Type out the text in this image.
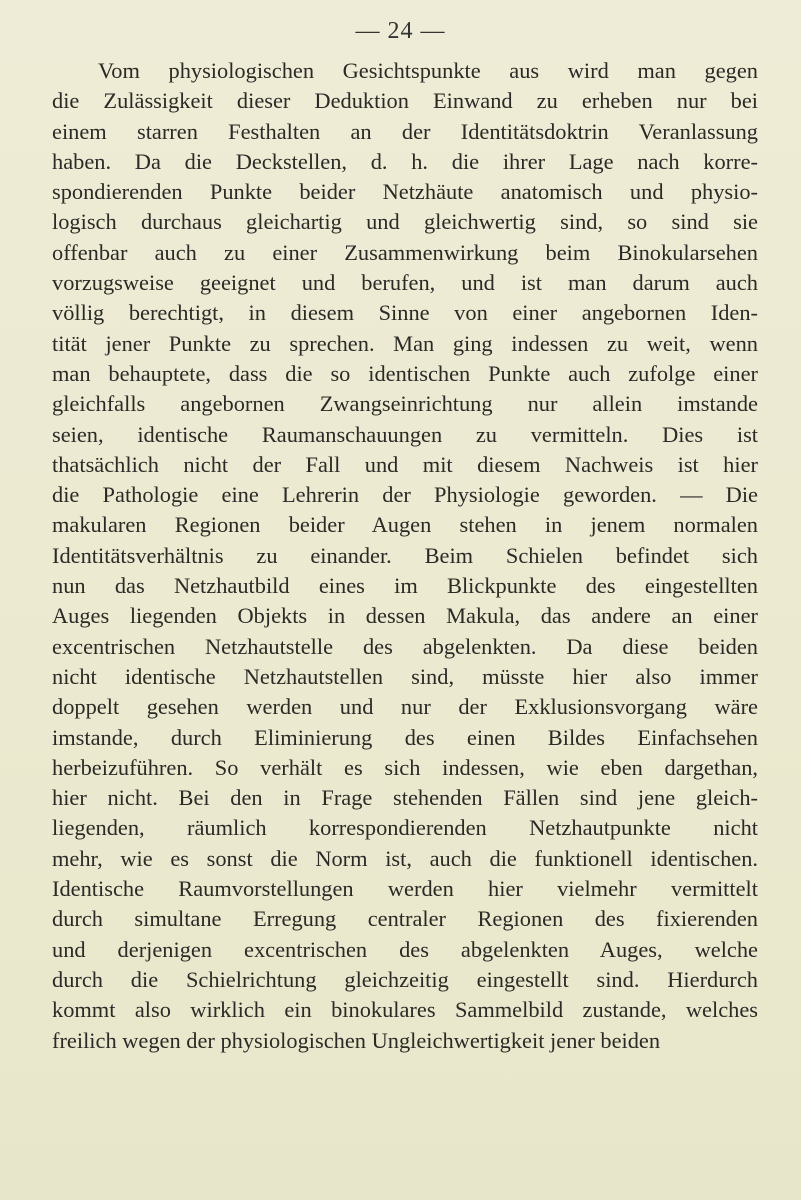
— 24 —
Vom physiologischen Gesichtspunkte aus wird man gegen
die Zulässigkeit dieser Deduktion Einwand zu erheben nur bei
einem starren Festhalten an der Identitätsdoktrin Veranlassung
haben. Da die Deckstellen, d. h. die ihrer Lage nach korre-
spondierenden Punkte beider Netzhäute anatomisch und physio-
logisch durchaus gleichartig und gleichwertig sind, so sind sie
offenbar auch zu einer Zusammenwirkung beim Binokularsehen
vorzugsweise geeignet und berufen, und ist man darum auch
völlig berechtigt, in diesem Sinne von einer angebornen Iden-
tität jener Punkte zu sprechen. Man ging indessen zu weit, wenn
man behauptete, dass die so identischen Punkte auch zufolge einer
gleichfalls angebornen Zwangseinrichtung nur allein imstande
seien, identische Raumanschauungen zu vermitteln. Dies ist
thatsächlich nicht der Fall und mit diesem Nachweis ist hier
die Pathologie eine Lehrerin der Physiologie geworden. — Die
makularen Regionen beider Augen stehen in jenem normalen
Identitätsverhältnis zu einander. Beim Schielen befindet sich
nun das Netzhautbild eines im Blickpunkte des eingestellten
Auges liegenden Objekts in dessen Makula, das andere an einer
excentrischen Netzhautstelle des abgelenkten. Da diese beiden
nicht identische Netzhautstellen sind, müsste hier also immer
doppelt gesehen werden und nur der Exklusionsvorgang wäre
imstande, durch Eliminierung des einen Bildes Einfachsehen
herbeizuführen. So verhält es sich indessen, wie eben dargethan,
hier nicht. Bei den in Frage stehenden Fällen sind jene gleich-
liegenden, räumlich korrespondierenden Netzhautpunkte nicht
mehr, wie es sonst die Norm ist, auch die funktionell identischen.
Identische Raumvorstellungen werden hier vielmehr vermittelt
durch simultane Erregung centraler Regionen des fixierenden
und derjenigen excentrischen des abgelenkten Auges, welche
durch die Schielrichtung gleichzeitig eingestellt sind. Hierdurch
kommt also wirklich ein binokulares Sammelbild zustande, welches
freilich wegen der physiologischen Ungleichwertigkeit jener beiden
